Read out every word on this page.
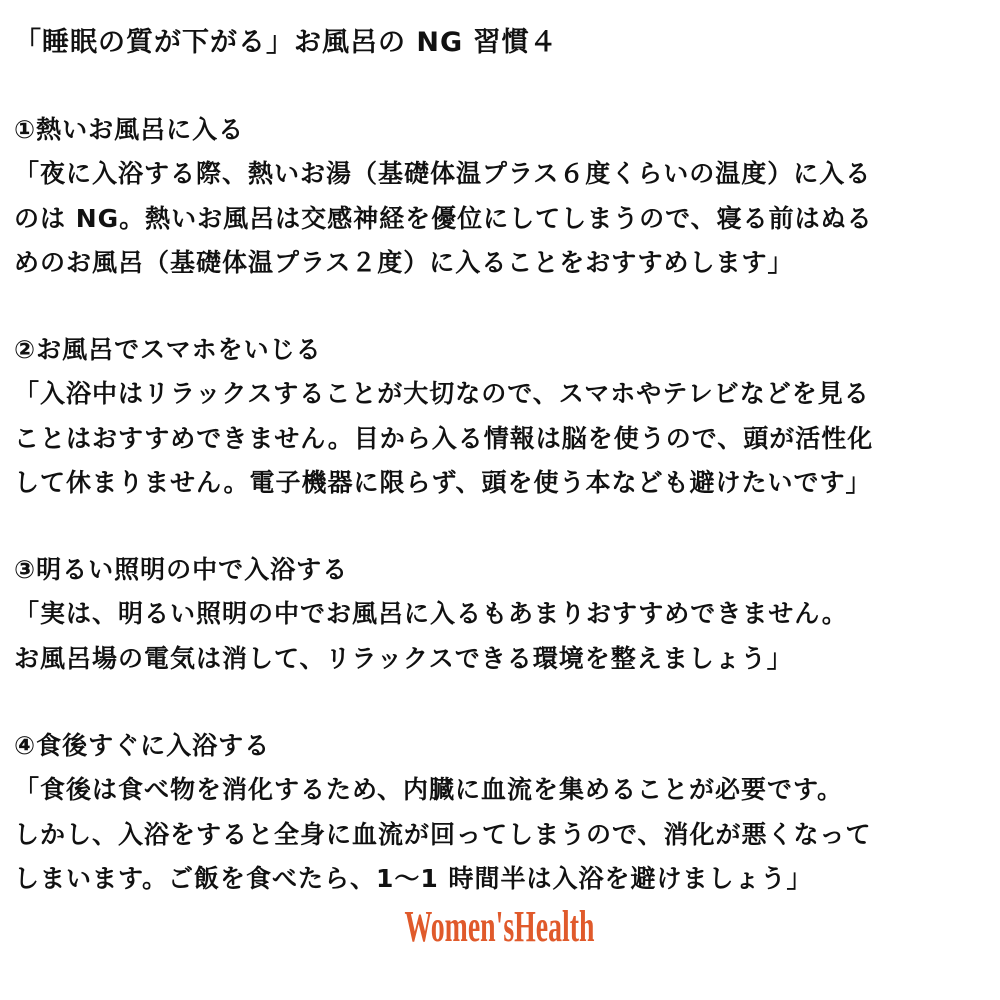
「睡眠の質が下がる」お風呂の NG 習慣４
①熱いお風呂に入る
「夜に入浴する際、熱いお湯（基礎体温プラス６度くらいの温度）に入る
のは NG。熱いお風呂は交感神経を優位にしてしまうので、寝る前はぬる
めのお風呂（基礎体温プラス２度）に入ることをおすすめします」
②お風呂でスマホをいじる
「入浴中はリラックスすることが大切なので、スマホやテレビなどを見る
ことはおすすめできません。目から入る情報は脳を使うので、頭が活性化
して休まりません。電子機器に限らず、頭を使う本なども避けたいです」
③明るい照明の中で入浴する
「実は、明るい照明の中でお風呂に入るもあまりおすすめできません。
お風呂場の電気は消して、リラックスできる環境を整えましょう」
④食後すぐに入浴する
「食後は食べ物を消化するため、内臓に血流を集めることが必要です。
しかし、入浴をすると全身に血流が回ってしまうので、消化が悪くなって
しまいます。ご飯を食べたら、1〜1 時間半は入浴を避けましょう」
Women'sHealth
